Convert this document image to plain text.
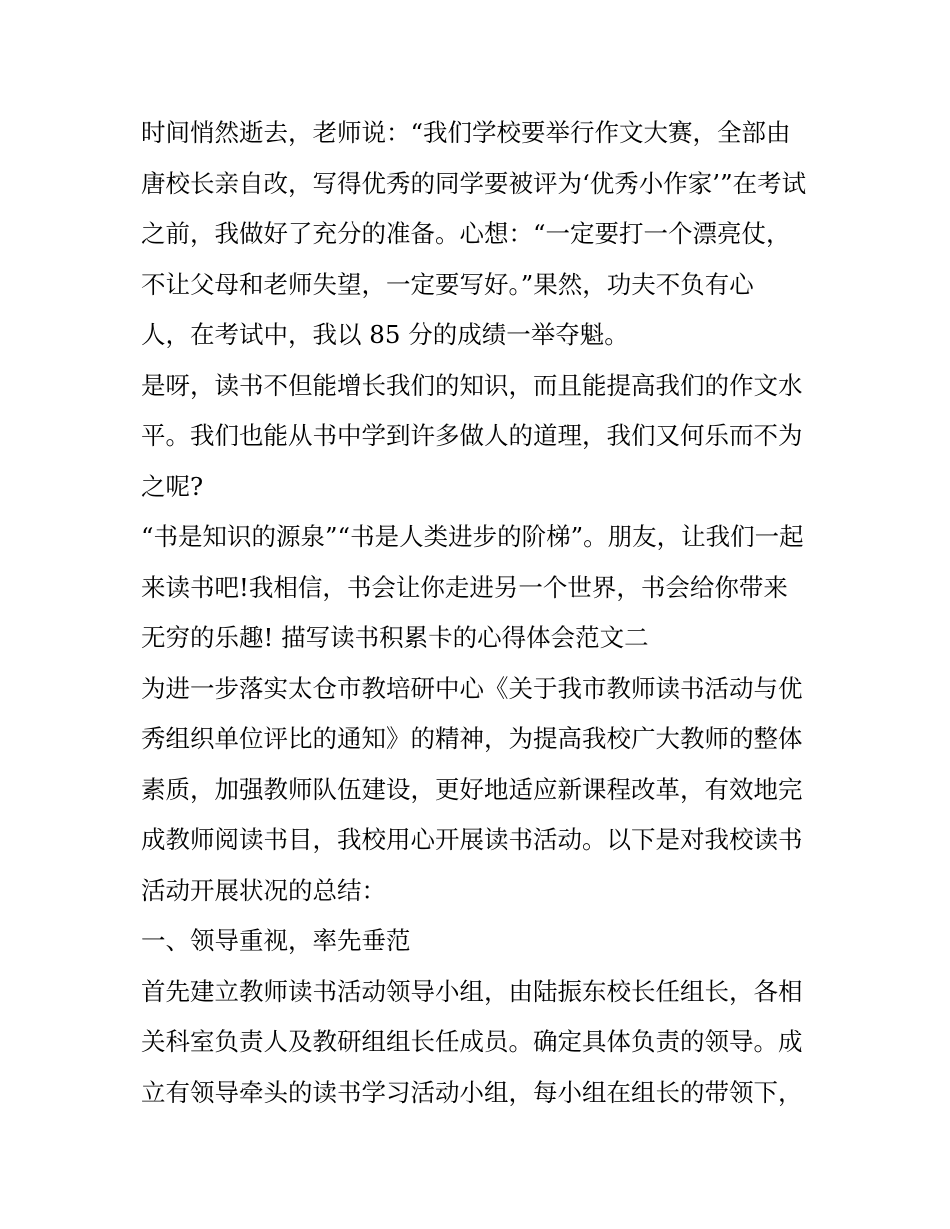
时间悄然逝去，老师说：“我们学校要举行作文大赛，全部由
唐校长亲自改，写得优秀的同学要被评为‘优秀小作家’”在考试
之前，我做好了充分的准备。心想：“一定要打一个漂亮仗，
不让父母和老师失望，一定要写好。”果然，功夫不负有心
人，在考试中，我以 85 分的成绩一举夺魁。
是呀，读书不但能增长我们的知识，而且能提高我们的作文水
平。我们也能从书中学到许多做人的道理，我们又何乐而不为
之呢?
“书是知识的源泉”“书是人类进步的阶梯”。朋友，让我们一起
来读书吧!我相信，书会让你走进另一个世界，书会给你带来
无穷的乐趣! 描写读书积累卡的心得体会范文二
为进一步落实太仓市教培研中心《关于我市教师读书活动与优
秀组织单位评比的通知》的精神，为提高我校广大教师的整体
素质，加强教师队伍建设，更好地适应新课程改革，有效地完
成教师阅读书目，我校用心开展读书活动。以下是对我校读书
活动开展状况的总结：
一、领导重视，率先垂范
首先建立教师读书活动领导小组，由陆振东校长任组长，各相
关科室负责人及教研组组长任成员。确定具体负责的领导。成
立有领导牵头的读书学习活动小组，每小组在组长的带领下，
